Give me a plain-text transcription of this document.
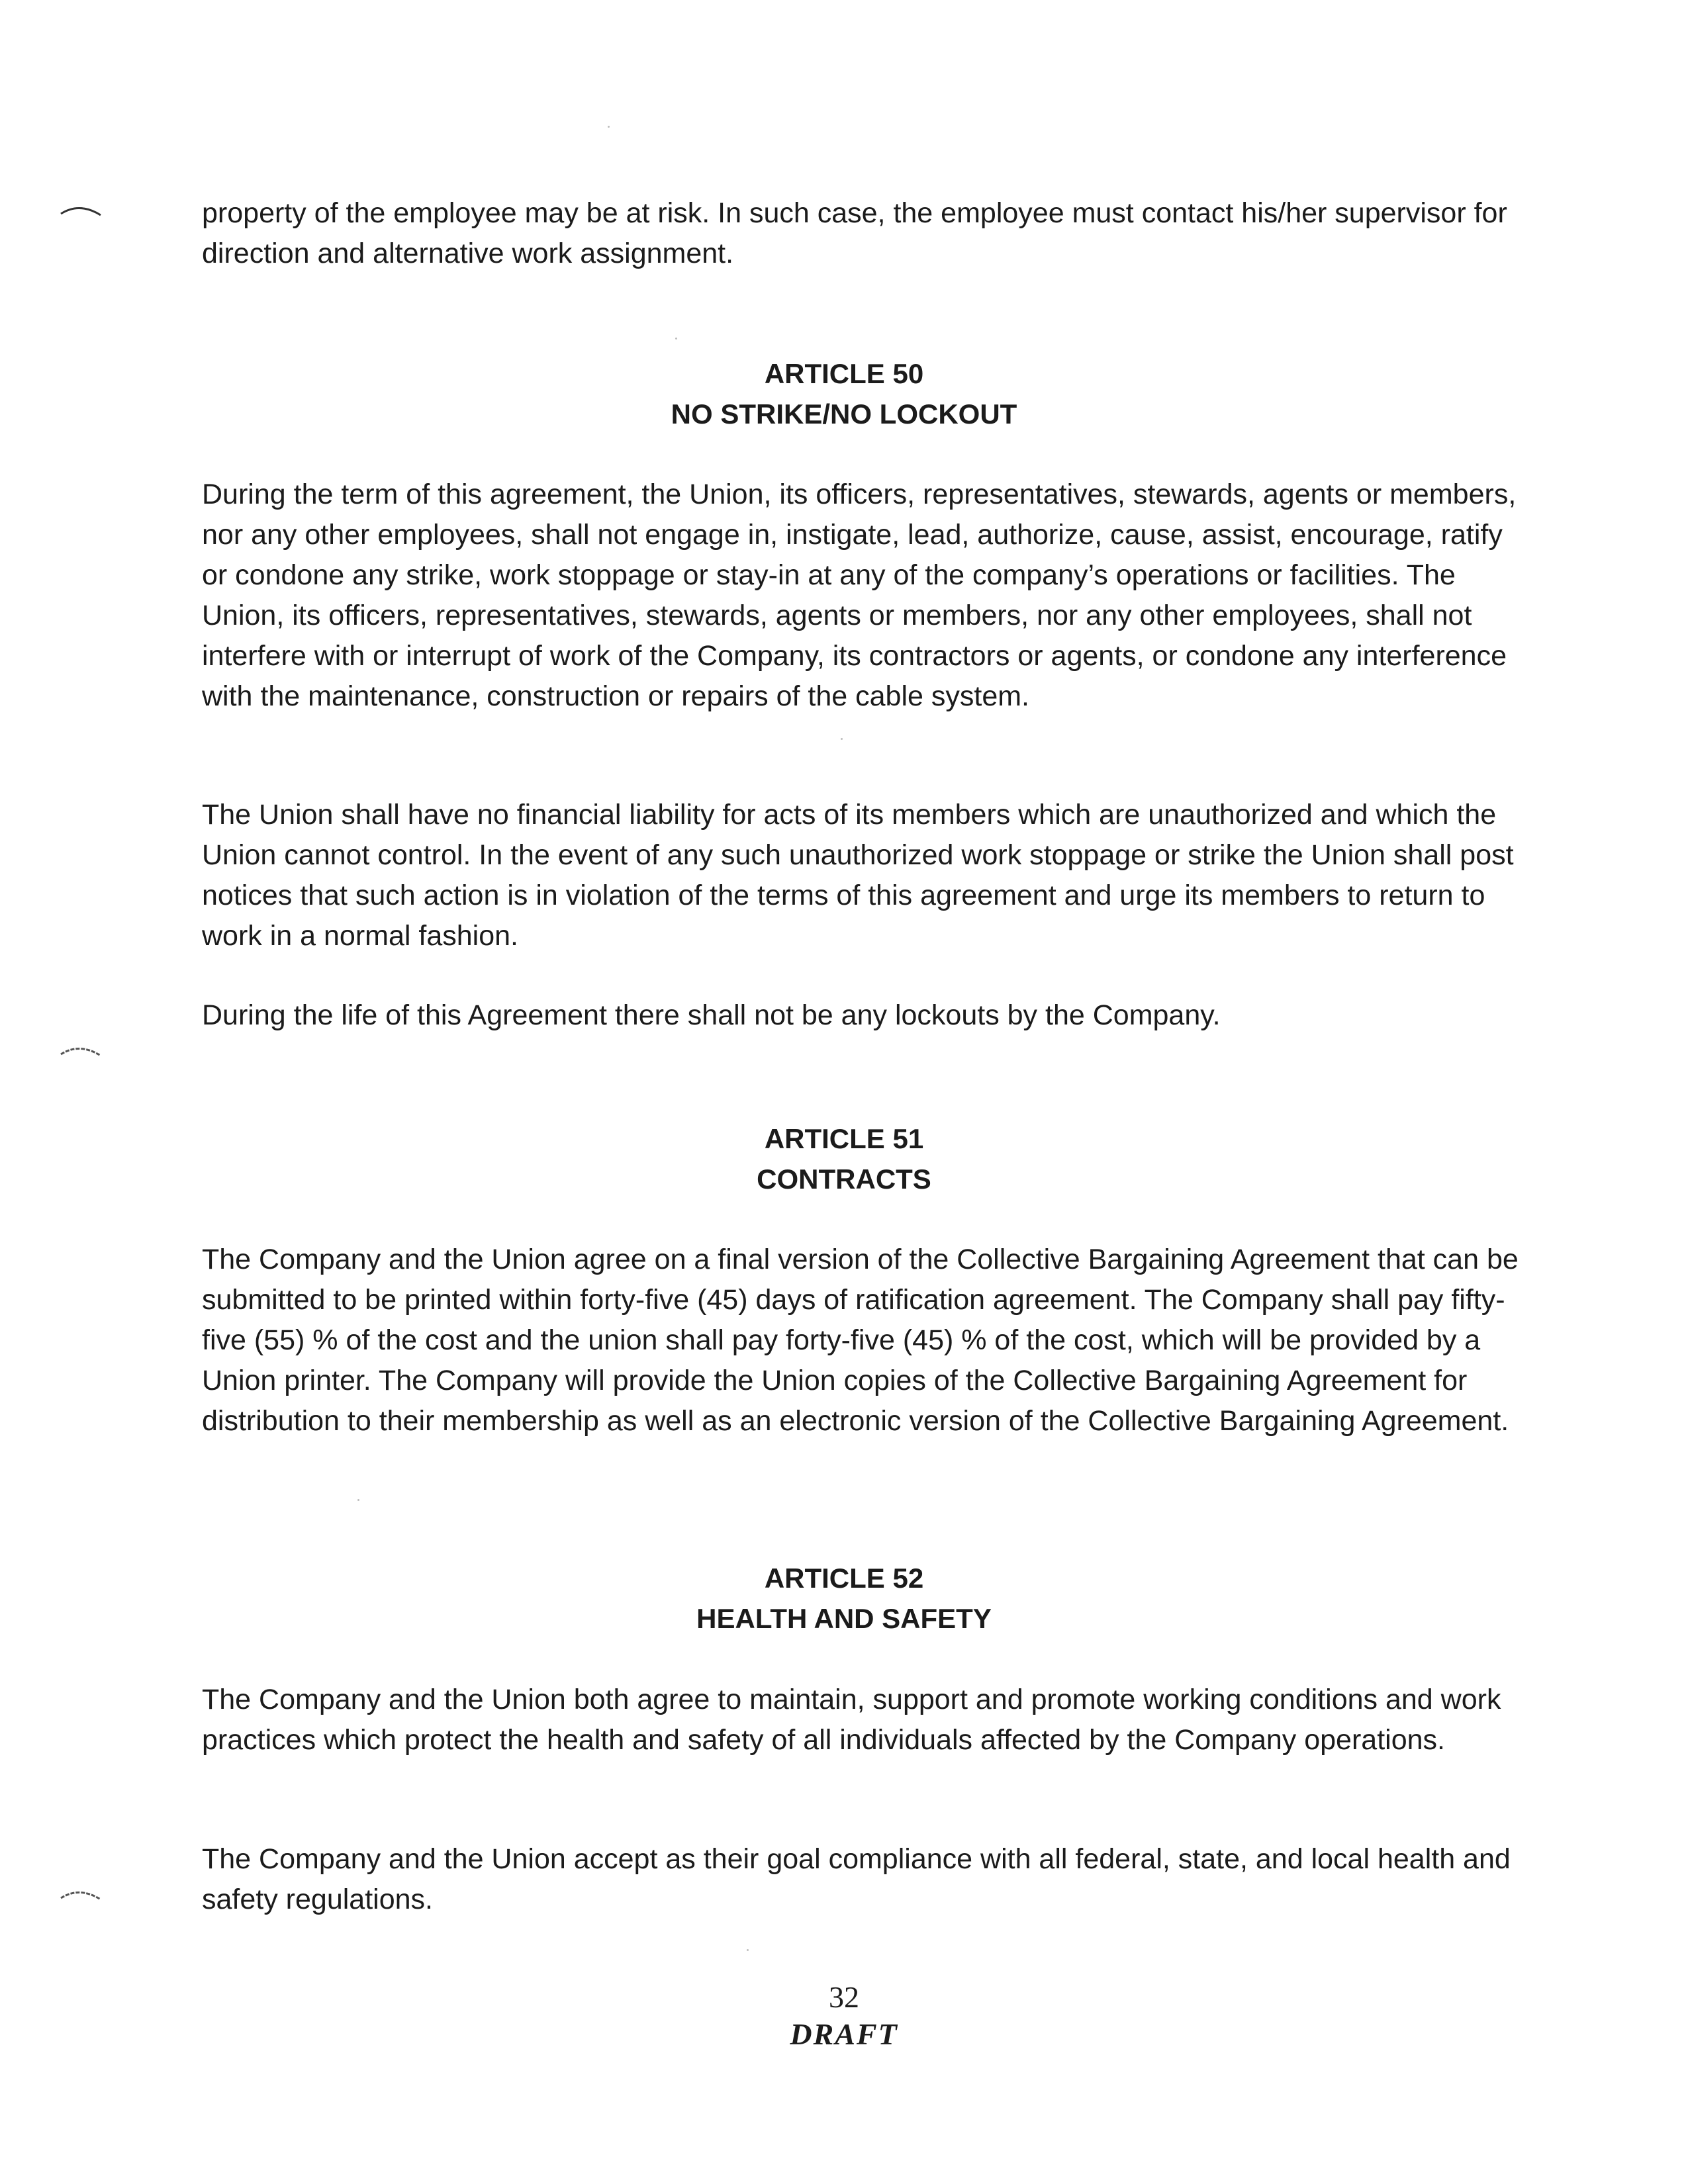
property of the employee may be at risk. In such case, the employee must contact his/her supervisor for direction and alternative work assignment.

ARTICLE 50
NO STRIKE/NO LOCKOUT

During the term of this agreement, the Union, its officers, representatives, stewards, agents or members, nor any other employees, shall not engage in, instigate, lead, authorize, cause, assist, encourage, ratify or condone any strike, work stoppage or stay-in at any of the company’s operations or facilities. The Union, its officers, representatives, stewards, agents or members, nor any other employees, shall not interfere with or interrupt of work of the Company, its contractors or agents, or condone any interference with the maintenance, construction or repairs of the cable system.

The Union shall have no financial liability for acts of its members which are unauthorized and which the Union cannot control. In the event of any such unauthorized work stoppage or strike the Union shall post notices that such action is in violation of the terms of this agreement and urge its members to return to work in a normal fashion.

During the life of this Agreement there shall not be any lockouts by the Company.

ARTICLE 51
CONTRACTS

The Company and the Union agree on a final version of the Collective Bargaining Agreement that can be submitted to be printed within forty-five (45) days of ratification agreement. The Company shall pay fifty-five (55) % of the cost and the union shall pay forty-five (45) % of the cost, which will be provided by a Union printer. The Company will provide the Union copies of the Collective Bargaining Agreement for distribution to their membership as well as an electronic version of the Collective Bargaining Agreement.

ARTICLE 52
HEALTH AND SAFETY

The Company and the Union both agree to maintain, support and promote working conditions and work practices which protect the health and safety of all individuals affected by the Company operations.

The Company and the Union accept as their goal compliance with all federal, state, and local health and safety regulations.

32
DRAFT
